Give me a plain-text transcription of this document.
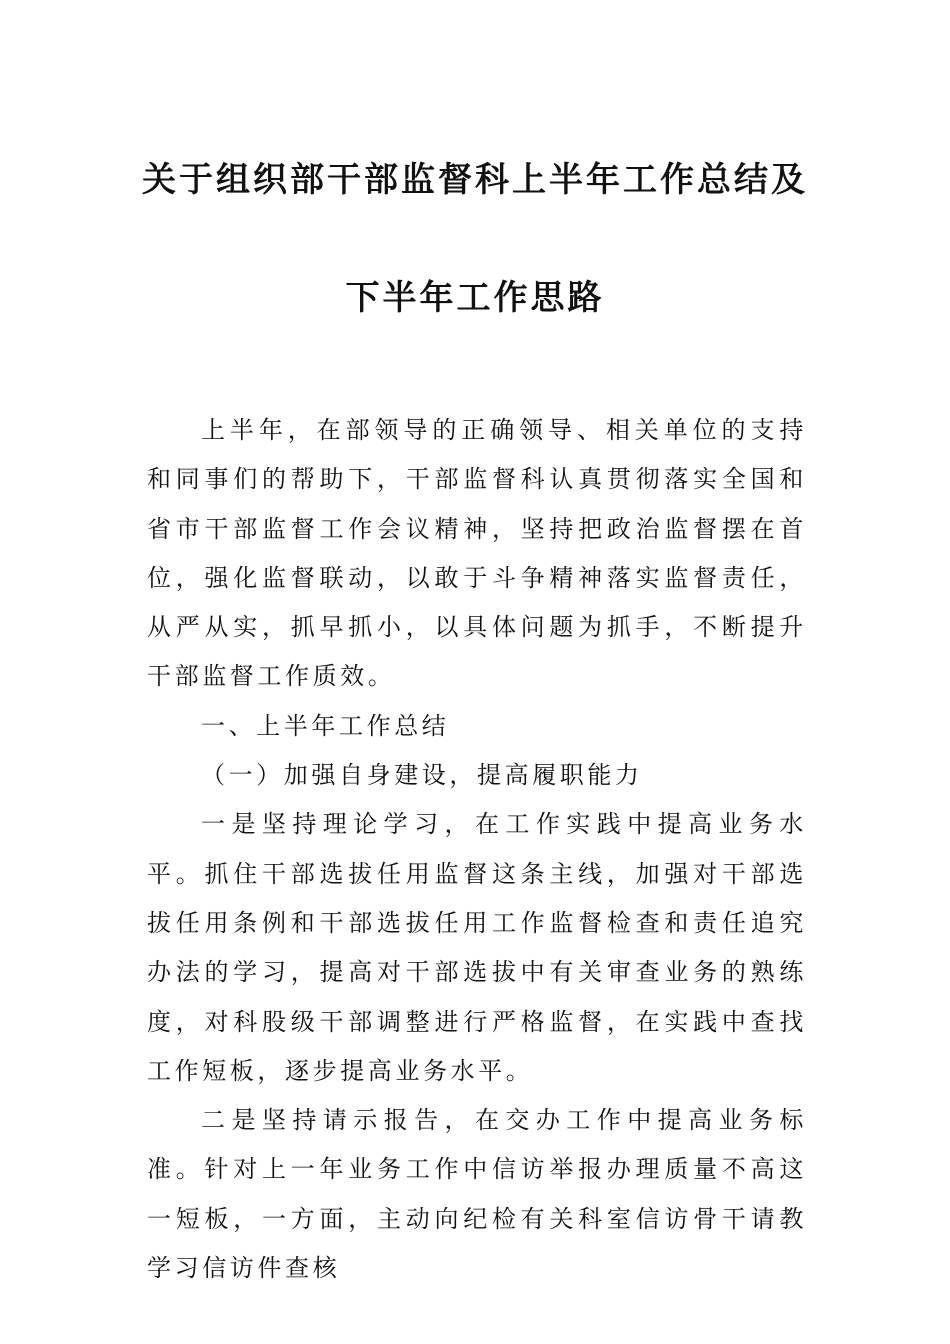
关于组织部干部监督科上半年工作总结及
下半年工作思路

上半年，在部领导的正确领导、相关单位的支持和同事们的帮助下，干部监督科认真贯彻落实全国和省市干部监督工作会议精神，坚持把政治监督摆在首位，强化监督联动，以敢于斗争精神落实监督责任，从严从实，抓早抓小，以具体问题为抓手，不断提升干部监督工作质效。

一、上半年工作总结

（一）加强自身建设，提高履职能力

一是坚持理论学习，在工作实践中提高业务水平。抓住干部选拔任用监督这条主线，加强对干部选拔任用条例和干部选拔任用工作监督检查和责任追究办法的学习，提高对干部选拔中有关审查业务的熟练度，对科股级干部调整进行严格监督，在实践中查找工作短板，逐步提高业务水平。

二是坚持请示报告，在交办工作中提高业务标准。针对上一年业务工作中信访举报办理质量不高这一短板，一方面，主动向纪检有关科室信访骨干请教学习信访件查核
